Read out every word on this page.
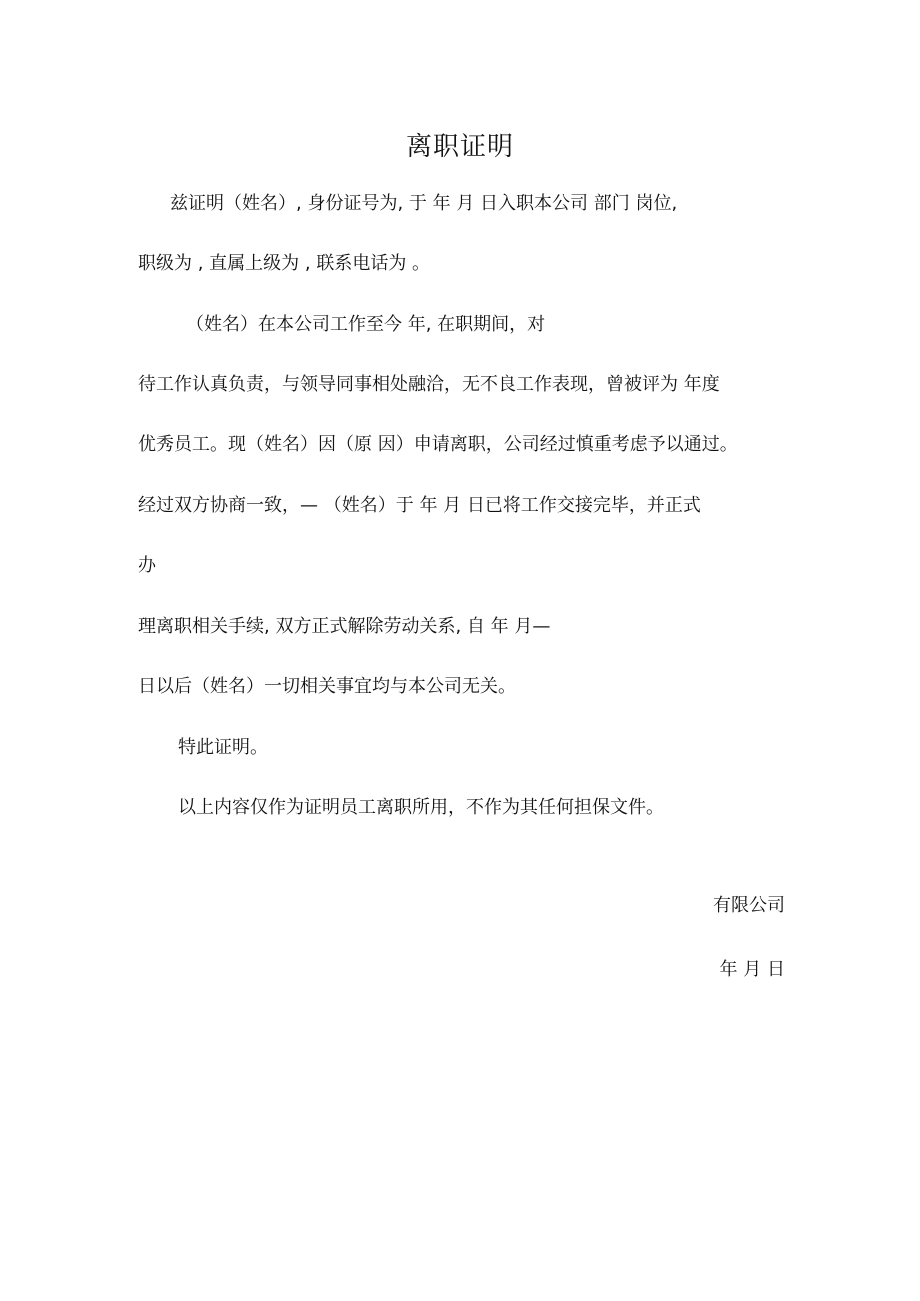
离职证明
兹证明（姓名）, 身份证号为, 于 年 月 日入职本公司 部门 岗位,
职级为 , 直属上级为 , 联系电话为 。
（姓名）在本公司工作至今 年, 在职期间，对
待工作认真负责，与领导同事相处融洽，无不良工作表现，曾被评为 年度
优秀员工。现（姓名）因（原 因）申请离职，公司经过慎重考虑予以通过。
经过双方协商一致，— （姓名）于 年 月 日已将工作交接完毕，并正式
办
理离职相关手续, 双方正式解除劳动关系, 自 年 月—
日以后（姓名）一切相关事宜均与本公司无关。
特此证明。
以上内容仅作为证明员工离职所用，不作为其任何担保文件。
有限公司
年 月 日
